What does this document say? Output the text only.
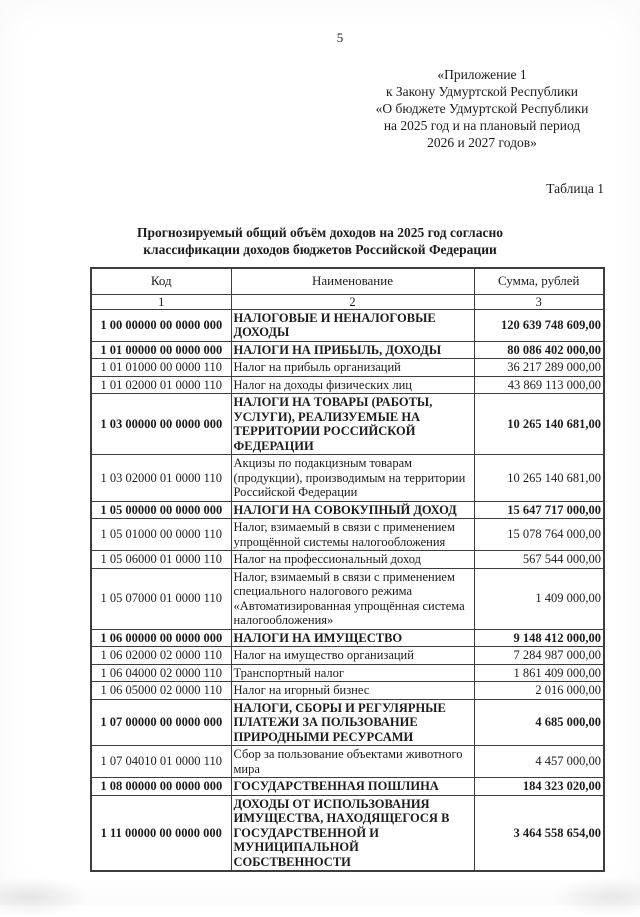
5
«Приложение 1
к Закону Удмуртской Республики
«О бюджете Удмуртской Республики
на 2025 год и на плановый период
2026 и 2027 годов»
Таблица 1
Прогнозируемый общий объём доходов на 2025 год согласно классификации доходов бюджетов Российской Федерации
Код	Наименование	Сумма, рублей
1	2	3
1 00 00000 00 0000 000	НАЛОГОВЫЕ И НЕНАЛОГОВЫЕ ДОХОДЫ	120 639 748 609,00
1 01 00000 00 0000 000	НАЛОГИ НА ПРИБЫЛЬ, ДОХОДЫ	80 086 402 000,00
1 01 01000 00 0000 110	Налог на прибыль организаций	36 217 289 000,00
1 01 02000 01 0000 110	Налог на доходы физических лиц	43 869 113 000,00
1 03 00000 00 0000 000	НАЛОГИ НА ТОВАРЫ (РАБОТЫ, УСЛУГИ), РЕАЛИЗУЕМЫЕ НА ТЕРРИТОРИИ РОССИЙСКОЙ ФЕДЕРАЦИИ	10 265 140 681,00
1 03 02000 01 0000 110	Акцизы по подакцизным товарам (продукции), производимым на территории Российской Федерации	10 265 140 681,00
1 05 00000 00 0000 000	НАЛОГИ НА СОВОКУПНЫЙ ДОХОД	15 647 717 000,00
1 05 01000 00 0000 110	Налог, взимаемый в связи с применением упрощённой системы налогообложения	15 078 764 000,00
1 05 06000 01 0000 110	Налог на профессиональный доход	567 544 000,00
1 05 07000 01 0000 110	Налог, взимаемый в связи с применением специального налогового режима «Автоматизированная упрощённая система налогообложения»	1 409 000,00
1 06 00000 00 0000 000	НАЛОГИ НА ИМУЩЕСТВО	9 148 412 000,00
1 06 02000 02 0000 110	Налог на имущество организаций	7 284 987 000,00
1 06 04000 02 0000 110	Транспортный налог	1 861 409 000,00
1 06 05000 02 0000 110	Налог на игорный бизнес	2 016 000,00
1 07 00000 00 0000 000	НАЛОГИ, СБОРЫ И РЕГУЛЯРНЫЕ ПЛАТЕЖИ ЗА ПОЛЬЗОВАНИЕ ПРИРОДНЫМИ РЕСУРСАМИ	4 685 000,00
1 07 04010 01 0000 110	Сбор за пользование объектами животного мира	4 457 000,00
1 08 00000 00 0000 000	ГОСУДАРСТВЕННАЯ ПОШЛИНА	184 323 020,00
1 11 00000 00 0000 000	ДОХОДЫ ОТ ИСПОЛЬЗОВАНИЯ ИМУЩЕСТВА, НАХОДЯЩЕГОСЯ В ГОСУДАРСТВЕННОЙ И МУНИЦИПАЛЬНОЙ СОБСТВЕННОСТИ	3 464 558 654,00
